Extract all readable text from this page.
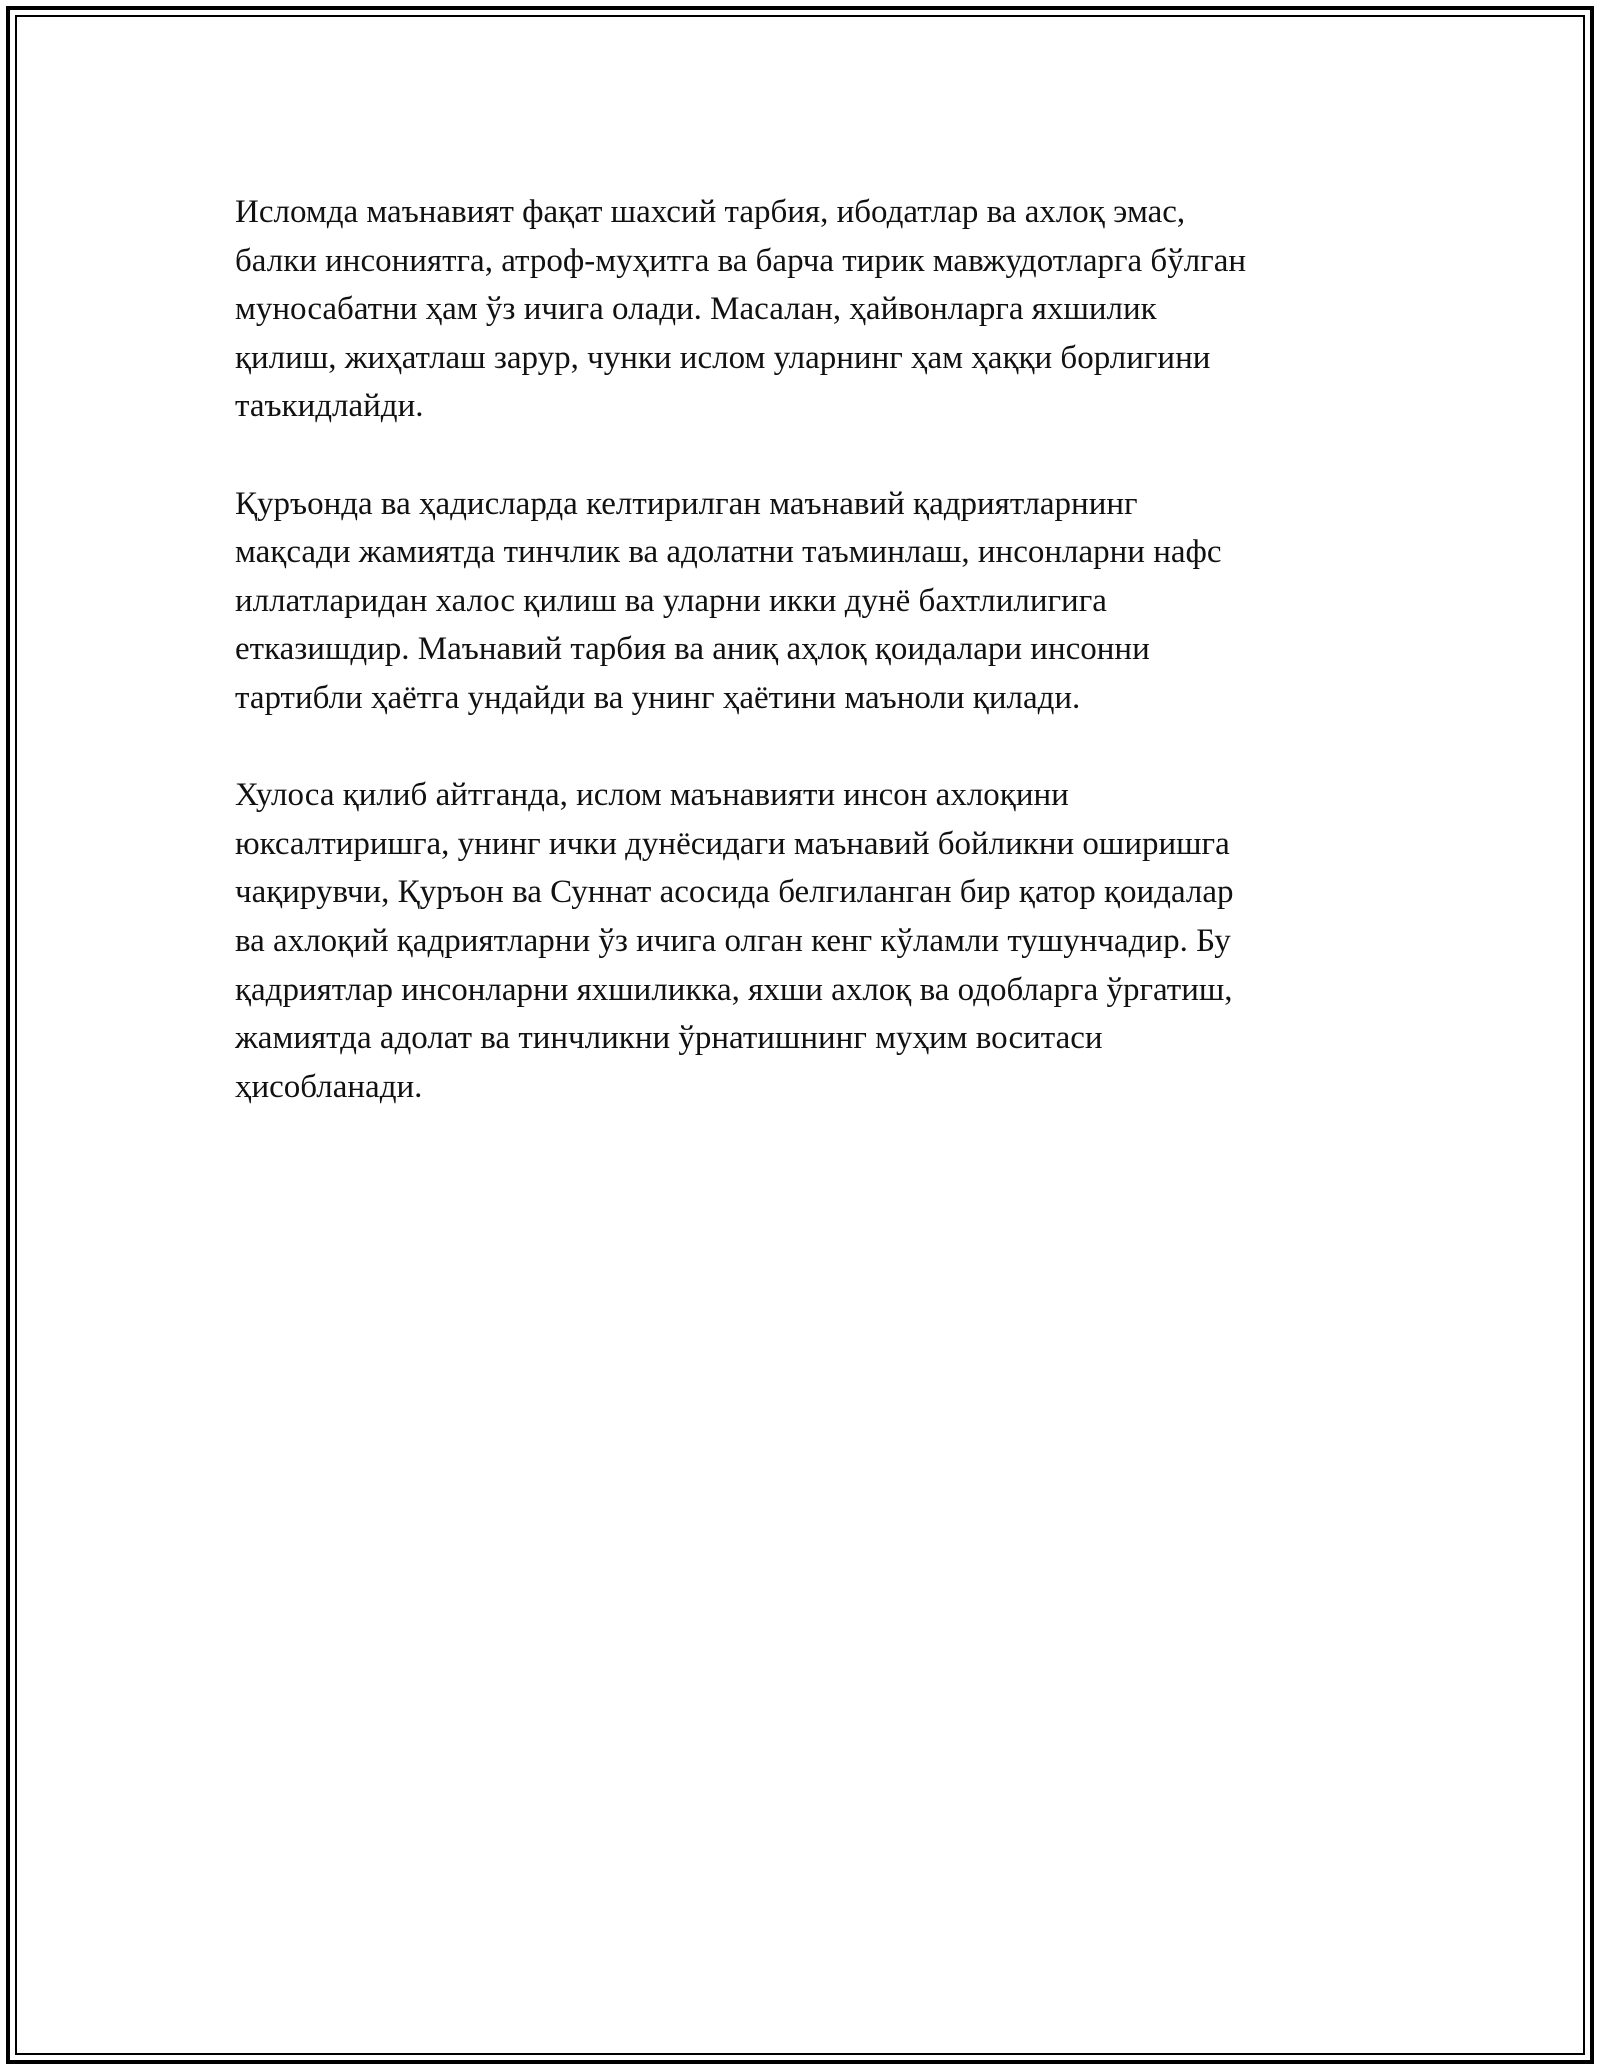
Исломда маънавият фақат шахсий тарбия, ибодатлар ва ахлоқ эмас,

балки инсониятга, атроф-муҳитга ва барча тирик мавжудотларга бўлган

муносабатни ҳам ўз ичига олади. Масалан, ҳайвонларга яхшилик

қилиш, жиҳатлаш зарур, чунки ислом уларнинг ҳам ҳаққи борлигини

таъкидлайди.

Қуръонда ва ҳадисларда келтирилган маънавий қадриятларнинг

мақсади жамиятда тинчлик ва адолатни таъминлаш, инсонларни нафс

иллатларидан халос қилиш ва уларни икки дунё бахтлилигига

етказишдир. Маънавий тарбия ва аниқ аҳлоқ қоидалари инсонни

тартибли ҳаётга ундайди ва унинг ҳаётини маъноли қилади.

Хулоса қилиб айтганда, ислом маънавияти инсон ахлоқини

юксалтиришга, унинг ички дунёсидаги маънавий бойликни оширишга

чақирувчи, Қуръон ва Суннат асосида белгиланган бир қатор қоидалар

ва ахлоқий қадриятларни ўз ичига олган кенг кўламли тушунчадир. Бу

қадриятлар инсонларни яхшиликка, яхши ахлоқ ва одобларга ўргатиш,

жамиятда адолат ва тинчликни ўрнатишнинг муҳим воситаси

ҳисобланади.
